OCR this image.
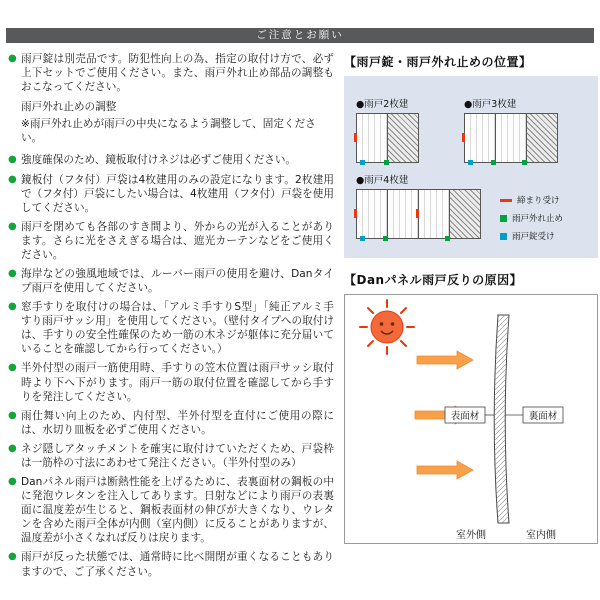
ご注意とお願い
● 雨戸錠は別売品です。防犯性向上の為、指定の取付け方で、必ず上下セットでご使用ください。また、雨戸外れ止め部品の調整もおこなってください。
雨戸外れ止めの調整
※雨戸外れ止めが雨戸の中央になるよう調整して、固定ください。
● 強度確保のため、鏡板取付けネジは必ずご使用ください。
● 鏡板付（フタ付）戸袋は4枚建用のみの設定になります。2枚建用で（フタ付）戸袋にしたい場合は、4枚建用（フタ付）戸袋を使用してください。
● 雨戸を閉めても各部のすき間より、外からの光が入ることがあります。さらに光をさえぎる場合は、遮光カーテンなどをご使用ください。
● 海岸などの強風地域では、ルーバー雨戸の使用を避け、Danタイプ雨戸を使用してください。
● 窓手すりを取付けの場合は、「アルミ手すりS型」「純正アルミ手すり雨戸サッシ用」を使用してください。（壁付タイプへの取付けは、手すりの安全性確保のため一筋の木ネジが躯体に充分届いていることを確認してから行ってください。）
● 半外付型の雨戸一筋使用時、手すりの笠木位置は雨戸サッシ取付時より下へ下がります。雨戸一筋の取付位置を確認してから手すりを発注してください。
● 雨仕舞い向上のため、内付型、半外付型を直付にご使用の際には、水切り皿板を必ずご使用ください。
● ネジ隠しアタッチメントを確実に取付けていただくため、戸袋枠は一筋枠の寸法にあわせて発注ください。（半外付型のみ）
● Danパネル雨戸は断熱性能を上げるために、表裏面材の鋼板の中に発泡ウレタンを注入してあります。日射などにより雨戸の表裏面に温度差が生じると、鋼板表面材の伸びが大きくなり、ウレタンを含めた雨戸全体が内側（室内側）に反ることがありますが、温度差が小さくなれば反りは戻ります。
● 雨戸が反った状態では、通常時に比べ開閉が重くなることもありますので、ご了承ください。
【雨戸錠・雨戸外れ止めの位置】
●雨戸2枚建	●雨戸3枚建
●雨戸4枚建
締まり受け
雨戸外れ止め
雨戸錠受け
【Danパネル雨戸反りの原因】
表面材	裏面材
室外側	室内側
